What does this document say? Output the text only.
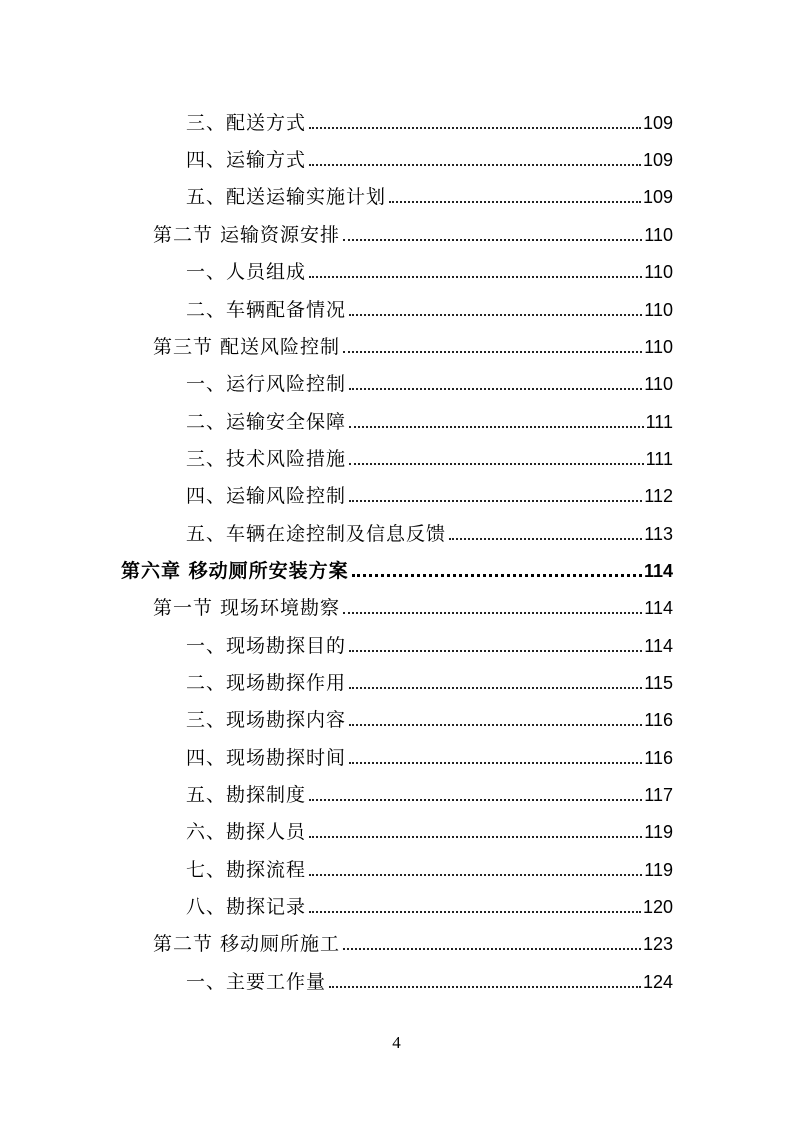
三、配送方式	109
四、运输方式	109
五、配送运输实施计划	109
第二节 运输资源安排	110
一、人员组成	110
二、车辆配备情况	110
第三节 配送风险控制	110
一、运行风险控制	110
二、运输安全保障	111
三、技术风险措施	111
四、运输风险控制	112
五、车辆在途控制及信息反馈	113
第六章 移动厕所安装方案	114
第一节 现场环境勘察	114
一、现场勘探目的	114
二、现场勘探作用	115
三、现场勘探内容	116
四、现场勘探时间	116
五、勘探制度	117
六、勘探人员	119
七、勘探流程	119
八、勘探记录	120
第二节 移动厕所施工	123
一、主要工作量	124
4
